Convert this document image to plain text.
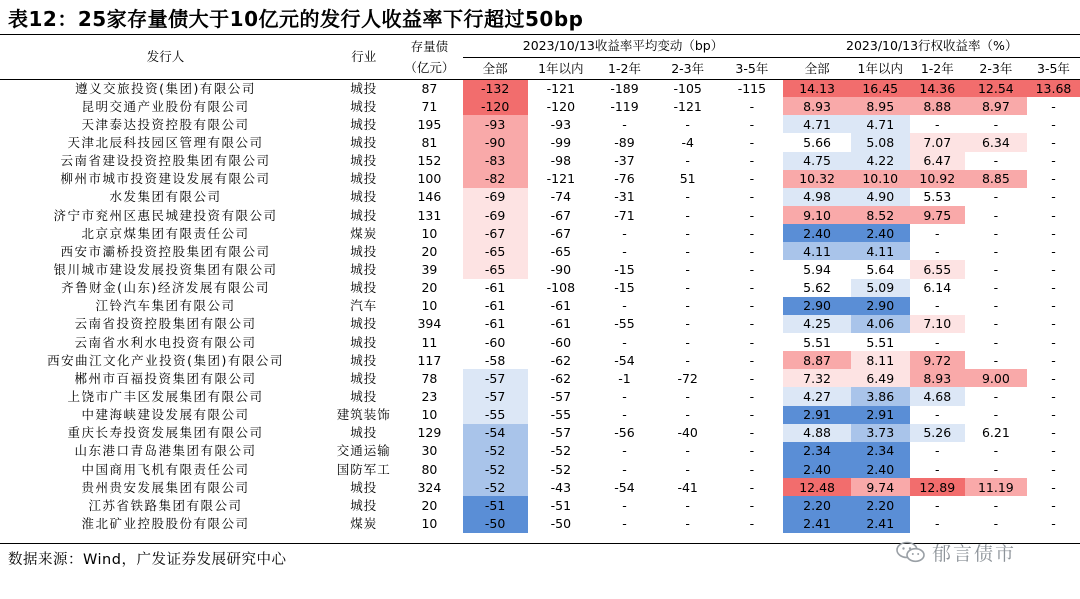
表12：25家存量债大于10亿元的发行人收益率下行超过50bp
发行人	行业	存量债	2023/10/13收益率平均变动（bp）					2023/10/13行权收益率（%）				
		（亿元）	全部	1年以内	1-2年	2-3年	3-5年	全部	1年以内	1-2年	2-3年	3-5年
遵义交旅投资(集团)有限公司	城投	87	-132	-121	-189	-105	-115	14.13	16.45	14.36	12.54	13.68
昆明交通产业股份有限公司	城投	71	-120	-120	-119	-121	-	8.93	8.95	8.88	8.97	-
天津泰达投资控股有限公司	城投	195	-93	-93	-	-	-	4.71	4.71	-	-	-
天津北辰科技园区管理有限公司	城投	81	-90	-99	-89	-4	-	5.66	5.08	7.07	6.34	-
云南省建设投资控股集团有限公司	城投	152	-83	-98	-37	-	-	4.75	4.22	6.47	-	-
柳州市城市投资建设发展有限公司	城投	100	-82	-121	-76	51	-	10.32	10.10	10.92	8.85	-
水发集团有限公司	城投	146	-69	-74	-31	-	-	4.98	4.90	5.53	-	-
济宁市兖州区惠民城建投资有限公司	城投	131	-69	-67	-71	-	-	9.10	8.52	9.75	-	-
北京京煤集团有限责任公司	煤炭	10	-67	-67	-	-	-	2.40	2.40	-	-	-
西安市灞桥投资控股集团有限公司	城投	20	-65	-65	-	-	-	4.11	4.11	-	-	-
银川城市建设发展投资集团有限公司	城投	39	-65	-90	-15	-	-	5.94	5.64	6.55	-	-
齐鲁财金(山东)经济发展有限公司	城投	20	-61	-108	-15	-	-	5.62	5.09	6.14	-	-
江铃汽车集团有限公司	汽车	10	-61	-61	-	-	-	2.90	2.90	-	-	-
云南省投资控股集团有限公司	城投	394	-61	-61	-55	-	-	4.25	4.06	7.10	-	-
云南省水利水电投资有限公司	城投	11	-60	-60	-	-	-	5.51	5.51	-	-	-
西安曲江文化产业投资(集团)有限公司	城投	117	-58	-62	-54	-	-	8.87	8.11	9.72	-	-
郴州市百福投资集团有限公司	城投	78	-57	-62	-1	-72	-	7.32	6.49	8.93	9.00	-
上饶市广丰区发展集团有限公司	城投	23	-57	-57	-	-	-	4.27	3.86	4.68	-	-
中建海峡建设发展有限公司	建筑装饰	10	-55	-55	-	-	-	2.91	2.91	-	-	-
重庆长寿投资发展集团有限公司	城投	129	-54	-57	-56	-40	-	4.88	3.73	5.26	6.21	-
山东港口青岛港集团有限公司	交通运输	30	-52	-52	-	-	-	2.34	2.34	-	-	-
中国商用飞机有限责任公司	国防军工	80	-52	-52	-	-	-	2.40	2.40	-	-	-
贵州贵安发展集团有限公司	城投	324	-52	-43	-54	-41	-	12.48	9.74	12.89	11.19	-
江苏省铁路集团有限公司	城投	20	-51	-51	-	-	-	2.20	2.20	-	-	-
淮北矿业控股股份有限公司	煤炭	10	-50	-50	-	-	-	2.41	2.41	-	-	-
数据来源：Wind，广发证券发展研究中心	郁言债市
